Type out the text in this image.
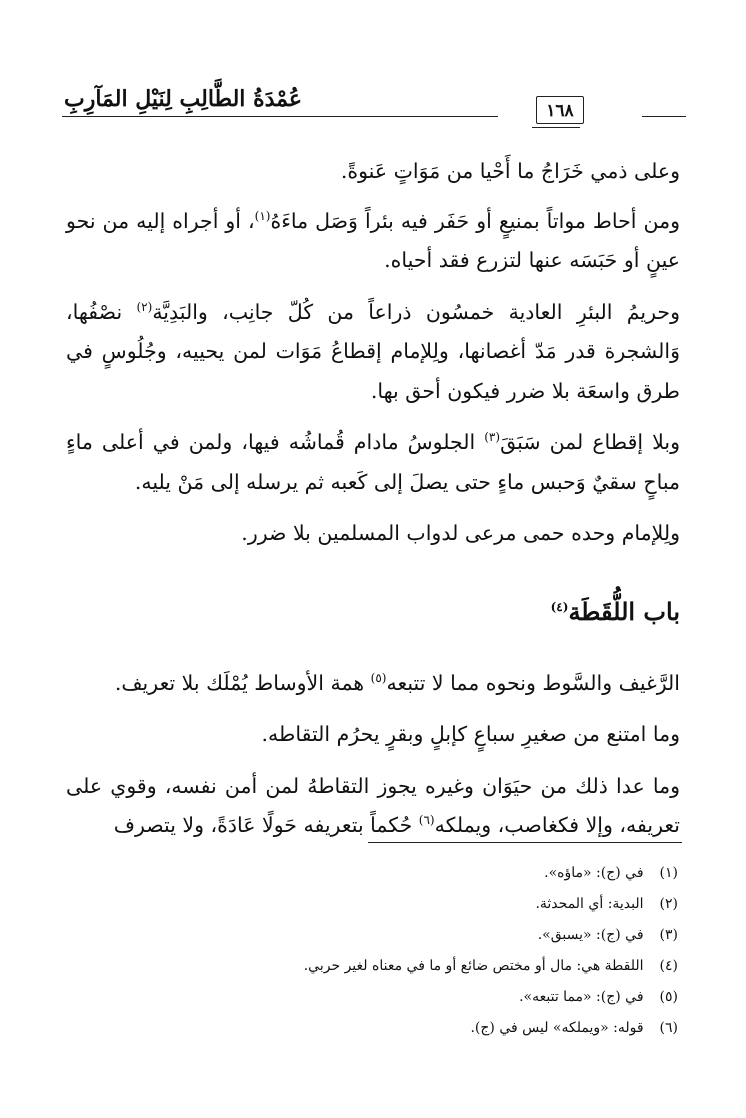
عُمْدَةُ الطَّالِبِ لِنَيْلِ المَآرِبِ	١٦٨

وعلى ذمي خَرَاجُ ما أَحْيا من مَوَاتٍ عَنوةً.

ومن أحاط مواتاً بمنيعٍ أو حَفَر فيه بئراً وَصَل ماءَهُ$^{(١)}$، أو أجراه إليه من نحو عينٍ أو حَبَسَه عنها لتزرع فقد أحياه.

وحريمُ البئرِ العادية خمسُون ذراعاً من كُلّ جانِب، والبَدِيَّة$^{(٢)}$ نصْفُها، وَالشجرة قدر مَدّ أغصانها، ولِلإمام إقطاعُ مَوَات لمن يحييه، وجُلُوسٍ في طرق واسعَة بلا ضرر فيكون أحق بها.

وبلا إقطاع لمن سَبَقَ$^{(٣)}$ الجلوسُ مادام قُماشُه فيها، ولمن في أعلى ماءٍ مباحٍ سقيٌ وَحبس ماءٍ حتى يصلَ إلى كَعبه ثم يرسله إلى مَنْ يليه.

ولِلإمام وحده حمى مرعى لدواب المسلمين بلا ضرر.

باب اللُّقَطَة$^{(٤)}$

الرَّغيف والسَّوط ونحوه مما لا تتبعه$^{(٥)}$ همة الأوساط يُمْلَك بلا تعريف.

وما امتنع من صغيرِ سباعٍ كإبلٍ وبقرٍ يحرُم التقاطه.

وما عدا ذلك من حيَوَان وغيره يجوز التقاطهُ لمن أمن نفسه، وقوي على تعريفه، وإلا فكغاصب، ويملكه$^{(٦)}$ حُكماً بتعريفه حَولًا عَادَةً، ولا يتصرف

(١) في (ج): «ماؤه».
(٢) البدية: أي المحدثة.
(٣) في (ج): «يسبق».
(٤) اللقطة هي: مال أو مختص ضائع أو ما في معناه لغير حربي.
(٥) في (ج): «مما تتبعه».
(٦) قوله: «ويملكه» ليس في (ج).
